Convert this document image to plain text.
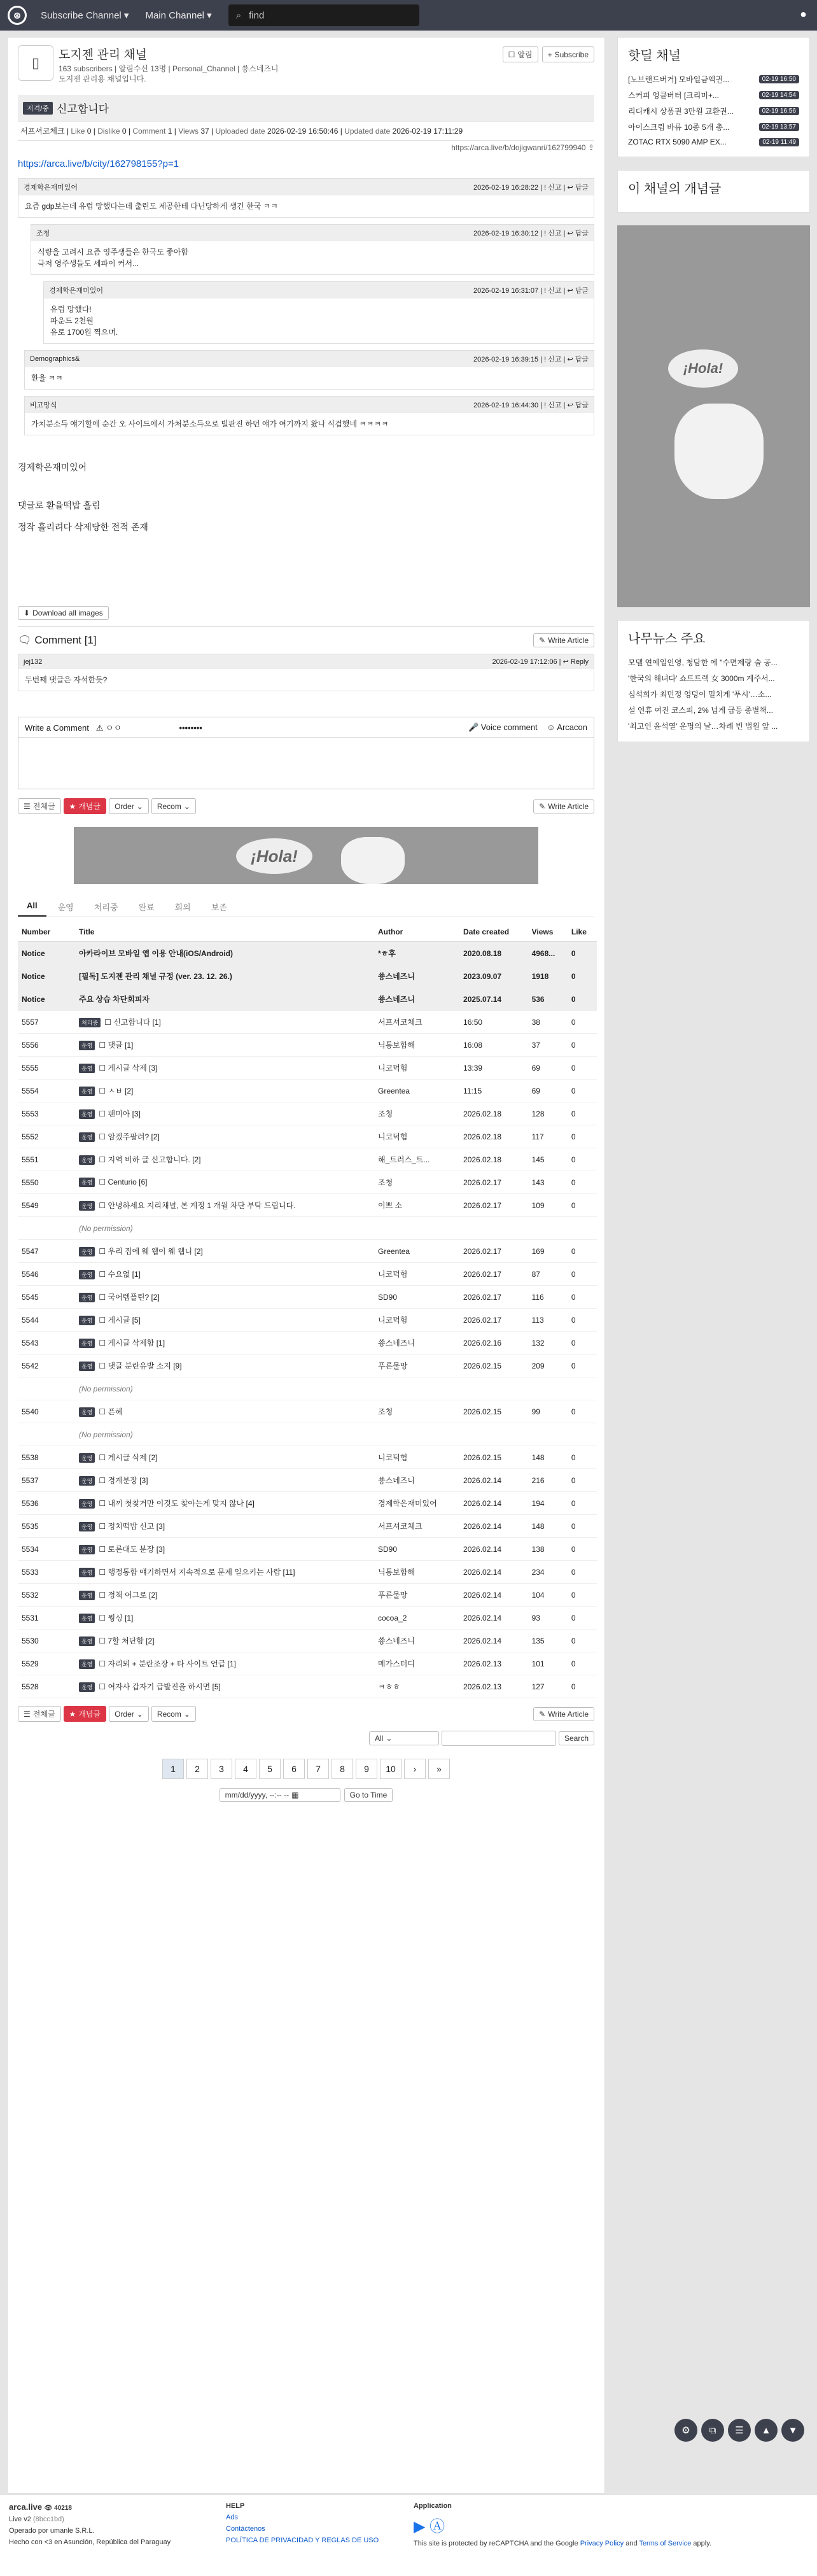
⊛	Subscribe Channel ▾ Main Channel ▾	⌕ find	●
▯	도지젠 관리 채널
163 subscribers | 알림수신 13명 | Personal_Channel | 쑝스네즈니
도지젠 관리용 채널입니다.
☐ 알림	+ Subscribe
저격/중 신고합니다
서프셔코체크 | Like 0 | Dislike 0 | Comment 1 | Views 37 | Uploaded date 2026-02-19 16:50:46 | Updated date 2026-02-19 17:11:29
https://arca.live/b/dojigwanri/162799940 ⇪
https://arca.live/b/city/162798155?p=1
경제학은재미있어	2026-02-19 16:28:22 | ! 신고 | ↩ 답글
요즘 gdp보는데 유럽 망했다는데 출린도 제공한테 다닌당하게 생긴 한국 ㅋㅋ
조청	2026-02-19 16:30:12 | ! 신고 | ↩ 답글
식량을 고려시 요즘 영주생들은 한국도 좋아함
극저 영주생들도 세파이 커서...
경제학은재미있어	2026-02-19 16:31:07 | ! 신고 | ↩ 답글
유럽 망했다!
파운드 2천원
유로 1700원 찍으며.
Demographics&	2026-02-19 16:39:15 | ! 신고 | ↩ 답글
환율 ㅋㅋ
비고망식	2026-02-19 16:44:30 | ! 신고 | ↩ 답글
가치분소득 얘기할에 순간 오 사이드에서 가처분소득으로 빌판진 하던 얘가 여기까지 왔나 식겁했네 ㅋㅋㅋㅋ
경제학은재미있어
댓글로 환율떡밥 흘림
정작 흘리려다 삭제당한 전적 존재
⬇ Download all images
🗨 Comment [1]	✎ Write Article
jej132	2026-02-19 17:12:06 | ↩ Reply
두번째 댓글은 자석한듯?
Write a Comment ⚠ ㅇㅇ	••••••••	🎤 Voice comment ☺ Arcacon
☰ 전체글	★ 개념글 Order ⌄	Recom ⌄	✎ Write Article
¡Hola!
All	운영	처리중	완료	회의	보존
Number	Title	Author	Date created	Views	Like
Notice	아카라이브 모바일 앱 이용 안내(iOS/Android)	*ㅎ후	2020.08.18	4968...	0
Notice	[필독] 도지젠 관리 채널 규정 (ver. 23. 12. 26.)	쑝스네즈니	2023.09.07	1918	0
Notice	주요 상습 차단회피자	쑝스네즈니	2025.07.14	536	0
5557	처리중 ☐ 신고합니다 [1]	서프셔코체크	16:50	38	0
5556	운영 ☐ 댓글 [1]	닉통보합해	16:08	37	0
5555	운영 ☐ 게시글 삭제 [3]	니코덕험	13:39	69	0
5554	운영 ☐ ㅅㅂ [2]	Greentea	11:15	69	0
5553	운영 ☐ 팬미아 [3]	조청	2026.02.18	128	0
5552	운영 ☐ 암겠주팔려? [2]	니코덕험	2026.02.18	117	0
5551	운영 ☐ 지역 비하 글 신고합니다. [2]	해_트러스_트...	2026.02.18	145	0
5550	운영 ☐ Centurio [6]	조청	2026.02.17	143	0
5549	운영 ☐ 안녕하세요 지리채널, 본 계정 1 개월 차단 부탁 드립니다.	이쁘 소	2026.02.17	109	0
	(No permission)				
5547	운영 ☐ 우리 집에 웨 웹이 웨 웹니 [2]	Greentea	2026.02.17	169	0
5546	운영 ☐ 수요없 [1]	니코덕험	2026.02.17	87	0
5545	운영 ☐ 국어템플린? [2]	SD90	2026.02.17	116	0
5544	운영 ☐ 게시글 [5]	니코덕험	2026.02.17	113	0
5543	운영 ☐ 게시글 삭제함 [1]	쑝스네즈니	2026.02.16	132	0
5542	운영 ☐ 댓글 분란유발 소지 [9]	푸른물망	2026.02.15	209	0
	(No permission)				
5540	운영 ☐ 픈헤	조청	2026.02.15	99	0
	(No permission)				
5538	운영 ☐ 게시글 삭제 [2]	니코덕험	2026.02.15	148	0
5537	운영 ☐ 경계분장 [3]	쑝스네즈니	2026.02.14	216	0
5536	운영 ☐ 내끼 첫찾거만 이것도 찾아는게 맞지 않나 [4]	경제학은재미있어	2026.02.14	194	0
5535	운영 ☐ 정치떡밥 신고 [3]	서프셔코체크	2026.02.14	148	0
5534	운영 ☐ 토론대도 분장 [3]	SD90	2026.02.14	138	0
5533	운영 ☐ 행정통합 얘기하면서 지속적으로 문제 일으키는 사람 [11]	닉통보합해	2026.02.14	234	0
5532	운영 ☐ 정책 어그로 [2]	푸른물망	2026.02.14	104	0
5531	운영 ☐ 뭥싱 [1]	cocoa_2	2026.02.14	93	0
5530	운영 ☐ 7할 처단함 [2]	쑝스네즈니	2026.02.14	135	0
5529	운영 ☐ 자리뫼 + 분란조장 + 타 사이트 언급 [1]	메가스터디	2026.02.13	101	0
5528	운영 ☐ 여자사 갑자기 급발진을 하시면 [5]	ㅋㅎㅎ	2026.02.13	127	0
☰ 전체글	★ 개념글 Order ⌄	Recom ⌄	✎ Write Article
All ⌄	Search
1	2	3	4	5	6	7	8	9	10	›	»
mm/dd/yyyy, --:-- -- ▦	Go to Time
핫딜 채널
[노브랜드버거] 모바일금액권...	02-19 16:50
스커피 엉클버터 [크리미+...	02-19 14:54
리디캐시 상품권 3만원 교환권...	02-19 16:56
아이스크림 바류 10종 5개 총...	02-19 13:57
ZOTAC RTX 5090 AMP EX...	02-19 11:49
이 채널의 개념글
¡Hola!
나무뉴스 주요
모델 연예일인영, 청담한 에 "수면제랑 술 공...
'한국의 해녀다' 쇼트트랙 女 3000m 계주서...
심석희가 최민정 엉덩이 밀치게 '푸시'…소...
설 연휴 여진 코스피, 2% 넘게 급등 종별책...
'최고인 윤석열' 운명의 날…차례 빈 법원 앞 ...
⚙	⧉	☰	▲	▼
arca.live 👁 40218
Live v2 (8bcc1bd)
Operado por umanle S.R.L.
Hecho con <3 en Asunción, República del Paraguay
HELP
Ads
Contáctenos
POLÍTICA DE PRIVACIDAD Y REGLAS DE USO
Application
▶ Ⓐ
This site is protected by reCAPTCHA and the Google Privacy Policy and Terms of Service apply.
